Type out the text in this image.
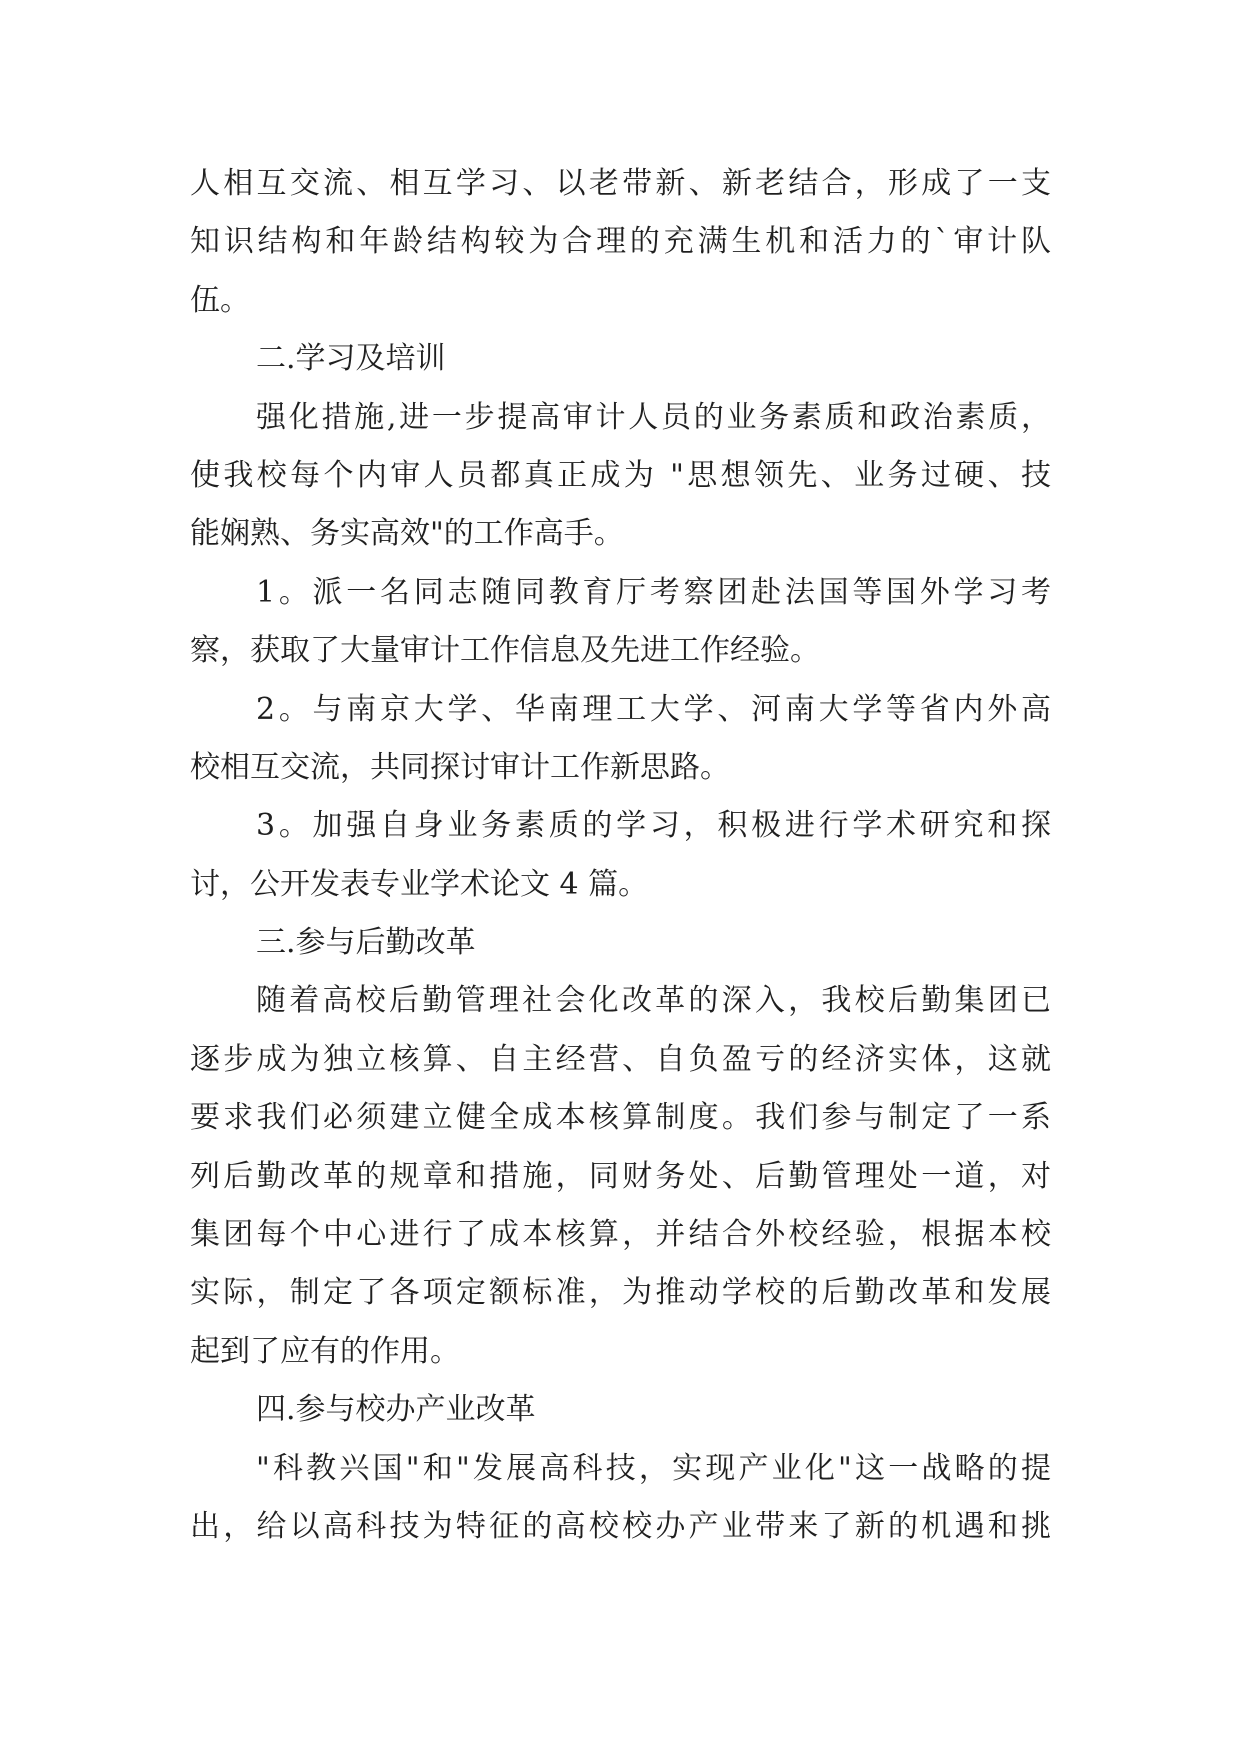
人相互交流、相互学习、以老带新、新老结合，形成了一支
知识结构和年龄结构较为合理的充满生机和活力的`审计队
伍。
二.学习及培训
强化措施,进一步提高审计人员的业务素质和政治素质，
使我校每个内审人员都真正成为 "思想领先、业务过硬、技
能娴熟、务实高效"的工作高手。
1。派一名同志随同教育厅考察团赴法国等国外学习考
察，获取了大量审计工作信息及先进工作经验。
2。与南京大学、华南理工大学、河南大学等省内外高
校相互交流，共同探讨审计工作新思路。
3。加强自身业务素质的学习，积极进行学术研究和探
讨，公开发表专业学术论文 4 篇。
三.参与后勤改革
随着高校后勤管理社会化改革的深入，我校后勤集团已
逐步成为独立核算、自主经营、自负盈亏的经济实体，这就
要求我们必须建立健全成本核算制度。我们参与制定了一系
列后勤改革的规章和措施，同财务处、后勤管理处一道，对
集团每个中心进行了成本核算，并结合外校经验，根据本校
实际，制定了各项定额标准，为推动学校的后勤改革和发展
起到了应有的作用。
四.参与校办产业改革
"科教兴国"和"发展高科技，实现产业化"这一战略的提
出，给以高科技为特征的高校校办产业带来了新的机遇和挑
